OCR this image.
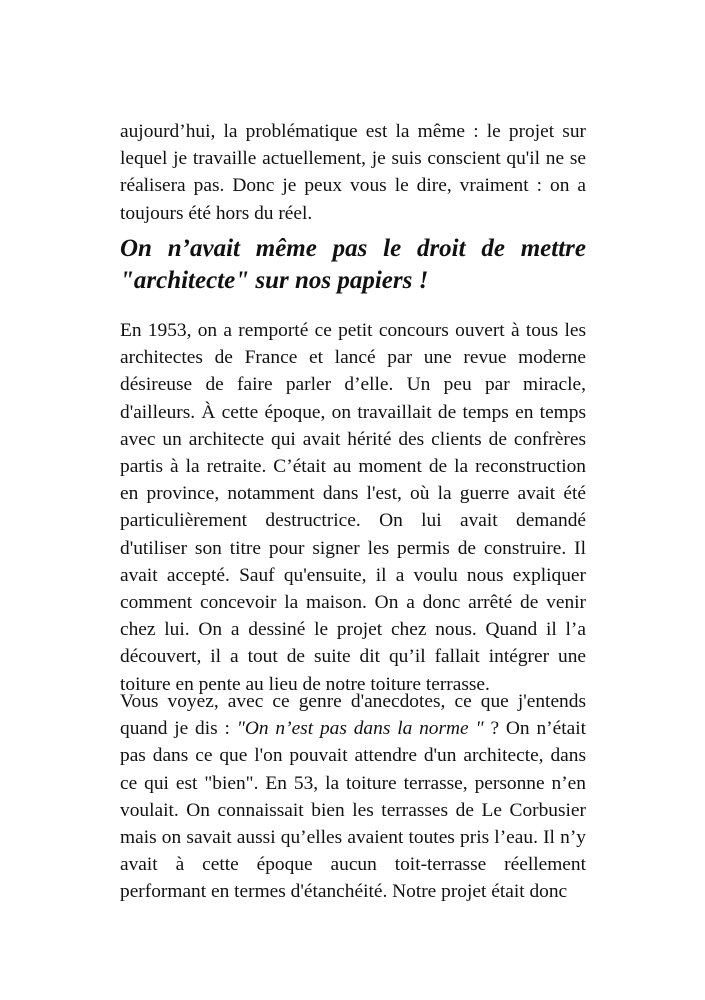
aujourd’hui, la problématique est la même : le projet sur lequel je travaille actuellement, je suis conscient qu'il ne se réalisera pas. Donc je peux vous le dire, vraiment : on a toujours été hors du réel.

On n’avait même pas le droit de mettre "architecte" sur nos papiers !

En 1953, on a remporté ce petit concours ouvert à tous les architectes de France et lancé par une revue moderne désireuse de faire parler d’elle. Un peu par miracle, d'ailleurs. À cette époque, on travaillait de temps en temps avec un architecte qui avait hérité des clients de confrères partis à la retraite. C’était au moment de la reconstruction en province, notamment dans l'est, où la guerre avait été particulièrement destructrice. On lui avait demandé d'utiliser son titre pour signer les permis de construire. Il avait accepté. Sauf qu'ensuite, il a voulu nous expliquer comment concevoir la maison. On a donc arrêté de venir chez lui. On a dessiné le projet chez nous. Quand il l’a découvert, il a tout de suite dit qu’il fallait intégrer une toiture en pente au lieu de notre toiture terrasse.

Vous voyez, avec ce genre d'anecdotes, ce que j'entends quand je dis : "On n’est pas dans la norme " ? On n’était pas dans ce que l'on pouvait attendre d'un architecte, dans ce qui est "bien". En 53, la toiture terrasse, personne n’en voulait. On connaissait bien les terrasses de Le Corbusier mais on savait aussi qu’elles avaient toutes pris l’eau. Il n’y avait à cette époque aucun toit-terrasse réellement performant en termes d'étanchéité. Notre projet était donc
